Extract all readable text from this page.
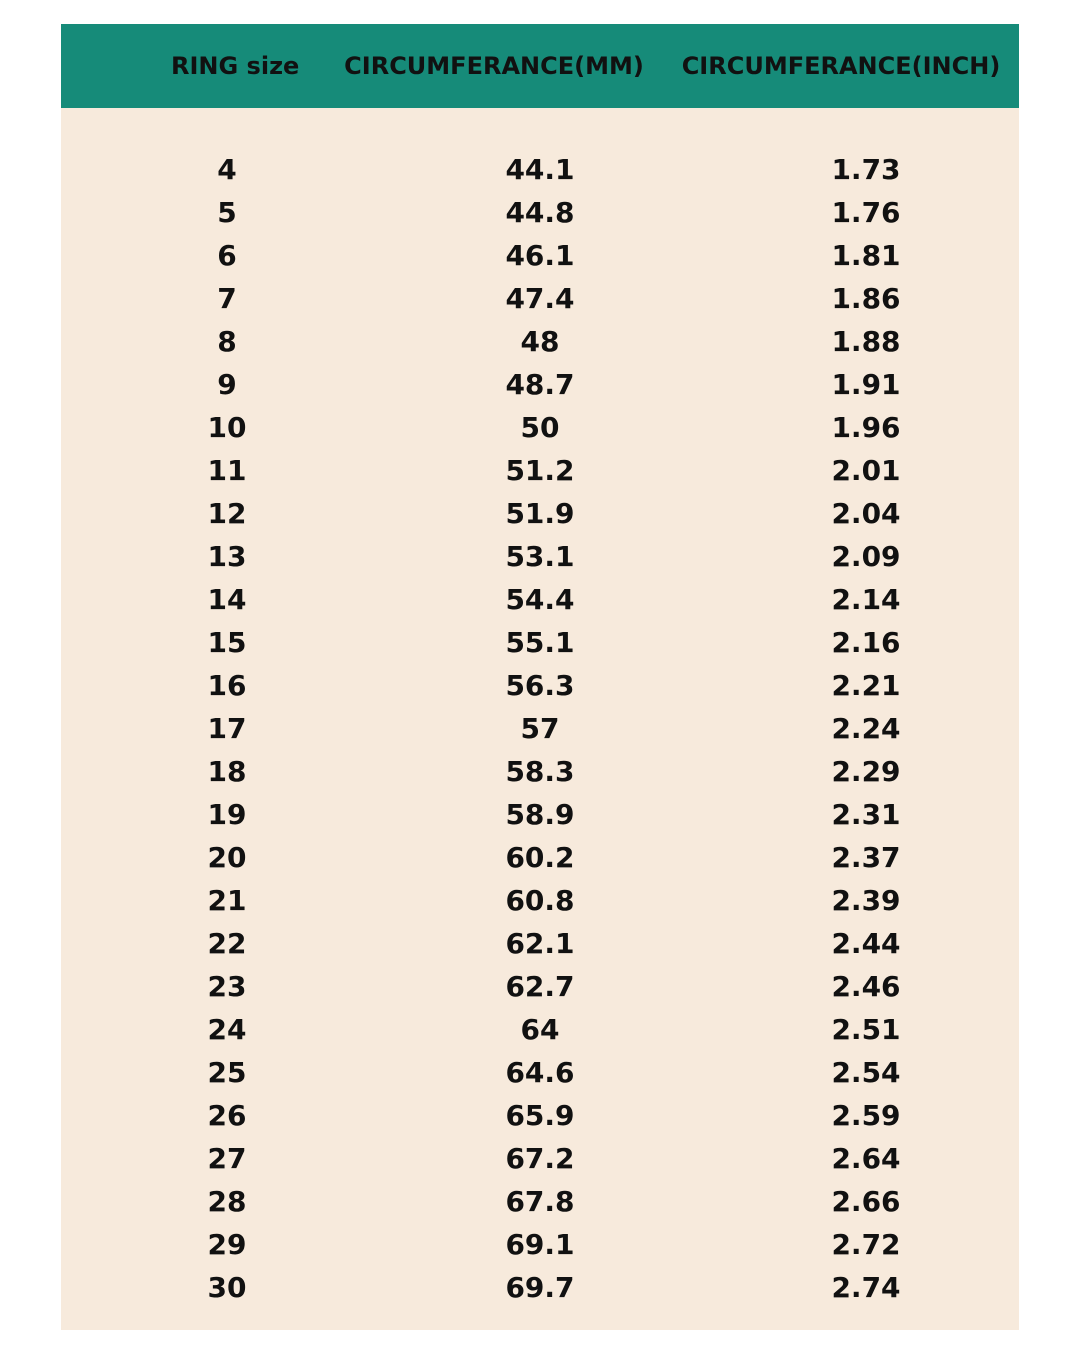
RING size CIRCUMFERANCE(MM) CIRCUMFERANCE(INCH)
4	44.1	1.73
5	44.8	1.76
6	46.1	1.81
7	47.4	1.86
8	48	1.88
9	48.7	1.91
10	50	1.96
11	51.2	2.01
12	51.9	2.04
13	53.1	2.09
14	54.4	2.14
15	55.1	2.16
16	56.3	2.21
17	57	2.24
18	58.3	2.29
19	58.9	2.31
20	60.2	2.37
21	60.8	2.39
22	62.1	2.44
23	62.7	2.46
24	64	2.51
25	64.6	2.54
26	65.9	2.59
27	67.2	2.64
28	67.8	2.66
29	69.1	2.72
30	69.7	2.74
